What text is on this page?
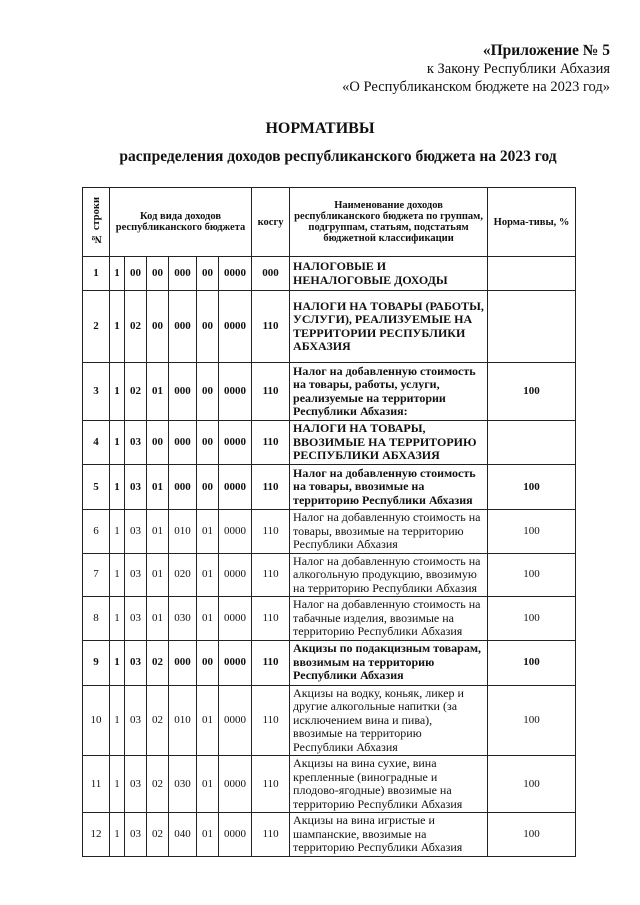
«Приложение № 5
к Закону Республики Абхазия
«О Республиканском бюджете на 2023 год»
НОРМАТИВЫ
распределения доходов республиканского бюджета на 2023 год
№ строки	Код вида доходов республиканского бюджета						косгу	Наименование доходов республиканского бюджета по группам, подгруппам, статьям, подстатьям бюджетной классификации	Норма-тивы, %
1	1	00	00	000	00	0000	000	НАЛОГОВЫЕ И НЕНАЛОГОВЫЕ ДОХОДЫ	
2	1	02	00	000	00	0000	110	НАЛОГИ НА ТОВАРЫ (РАБОТЫ, УСЛУГИ), РЕАЛИЗУЕМЫЕ НА ТЕРРИТОРИИ РЕСПУБЛИКИ АБХАЗИЯ	
3	1	02	01	000	00	0000	110	Налог на добавленную стоимость на товары, работы, услуги, реализуемые на территории Республики Абхазия:	100
4	1	03	00	000	00	0000	110	НАЛОГИ НА ТОВАРЫ, ВВОЗИМЫЕ НА ТЕРРИТОРИЮ РЕСПУБЛИКИ АБХАЗИЯ	
5	1	03	01	000	00	0000	110	Налог на добавленную стоимость на товары, ввозимые на территорию Республики Абхазия	100
6	1	03	01	010	01	0000	110	Налог на добавленную стоимость на товары, ввозимые на территорию Республики Абхазия	100
7	1	03	01	020	01	0000	110	Налог на добавленную стоимость на алкогольную продукцию, ввозимую на территорию Республики Абхазия	100
8	1	03	01	030	01	0000	110	Налог на добавленную стоимость на табачные изделия, ввозимые на территорию Республики Абхазия	100
9	1	03	02	000	00	0000	110	Акцизы по подакцизным товарам, ввозимым на территорию Республики Абхазия	100
10	1	03	02	010	01	0000	110	Акцизы на водку, коньяк, ликер и другие алкогольные напитки (за исключением вина и пива), ввозимые на территорию Республики Абхазия	100
11	1	03	02	030	01	0000	110	Акцизы на вина сухие, вина крепленные (виноградные и плодово-ягодные) ввозимые на территорию Республики Абхазия	100
12	1	03	02	040	01	0000	110	Акцизы на вина игристые и шампанские, ввозимые на территорию Республики Абхазия	100
